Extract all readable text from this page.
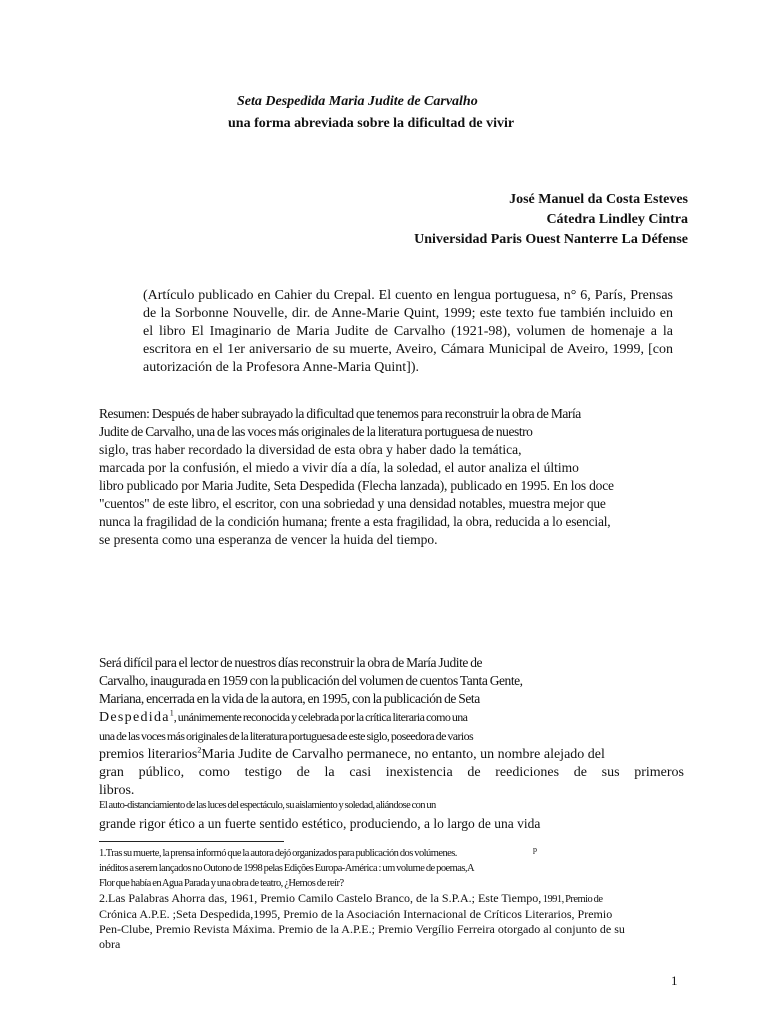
Seta Despedida Maria Judite de Carvalho
una forma abreviada sobre la dificultad de vivir
José Manuel da Costa Esteves
Cátedra Lindley Cintra
Universidad Paris Ouest Nanterre La Défense
(Artículo publicado en Cahier du Crepal. El cuento en lengua portuguesa, n° 6, París, Prensas de la Sorbonne Nouvelle, dir. de Anne-Marie Quint, 1999; este texto fue también incluido en el libro El Imaginario de Maria Judite de Carvalho (1921-98), volumen de homenaje a la escritora en el 1er aniversario de su muerte, Aveiro, Cámara Municipal de Aveiro, 1999, [con autorización de la Profesora Anne-Maria Quint]).
Resumen: Después de haber subrayado la dificultad que tenemos para reconstruir la obra de María
Judite de Carvalho, una de las voces más originales de la literatura portuguesa de nuestro
siglo, tras haber recordado la diversidad de esta obra y haber dado la temática,
marcada por la confusión, el miedo a vivir día a día, la soledad, el autor analiza el último
libro publicado por Maria Judite, Seta Despedida (Flecha lanzada), publicado en 1995. En los doce
"cuentos" de este libro, el escritor, con una sobriedad y una densidad notables, muestra mejor que
nunca la fragilidad de la condición humana; frente a esta fragilidad, la obra, reducida a lo esencial,
se presenta como una esperanza de vencer la huida del tiempo.
Será difícil para el lector de nuestros días reconstruir la obra de María Judite de
Carvalho, inaugurada en 1959 con la publicación del volumen de cuentos Tanta Gente,
Mariana, encerrada en la vida de la autora, en 1995, con la publicación de Seta
Despedida$^1$, unánimemente reconocida y celebrada por la crítica literaria como una
una de las voces más originales de la literatura portuguesa de este siglo, poseedora de varios
premios literarios$^2$Maria Judite de Carvalho permanece, no entanto, un nombre alejado del
gran público, como testigo de la casi inexistencia de reediciones de sus primeros
libros.
El auto-distanciamiento de las luces del espectáculo, su aislamiento y soledad, aliándose con un
grande rigor ético a un fuerte sentido estético, produciendo, a lo largo de una vida
p
1.Tras su muerte, la prensa informó que la autora dejó organizados para publicación dos volúmenes.
inéditos a serem lançados no Outono de 1998 pelas Edições Europa-América : um volume de poemas,A
Flor que había en Agua Parada y una obra de teatro, ¿Hemos de reír?
2.Las Palabras Ahorra das, 1961, Premio Camilo Castelo Branco, de la S.P.A.; Este Tiempo, 1991, Premio de
Crónica A.P.E. ;Seta Despedida,1995, Premio de la Asociación Internacional de Críticos Literarios, Premio
Pen-Clube, Premio Revista Máxima. Premio de la A.P.E.; Premio Vergílio Ferreira otorgado al conjunto de su
obra
1
